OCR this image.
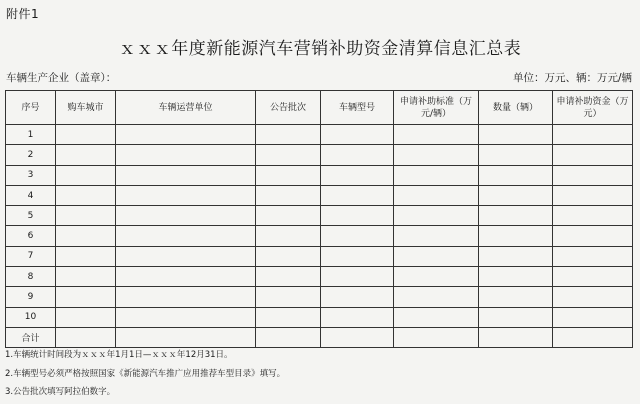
附件1
ｘｘｘ年度新能源汽车营销补助资金清算信息汇总表
车辆生产企业（盖章）：	单位：万元、辆：万元/辆
序号	购车城市	车辆运营单位	公告批次	车辆型号	申请补助标准（万元/辆）	数量（辆）	申请补助资金（万元）
1							
2							
3							
4							
5							
6							
7							
8							
9							
10							
合计							
1.车辆统计时间段为ｘｘｘ年1月1日—ｘｘｘ年12月31日。
2.车辆型号必须严格按照国家《新能源汽车推广应用推荐车型目录》填写。
3.公告批次填写阿拉伯数字。
